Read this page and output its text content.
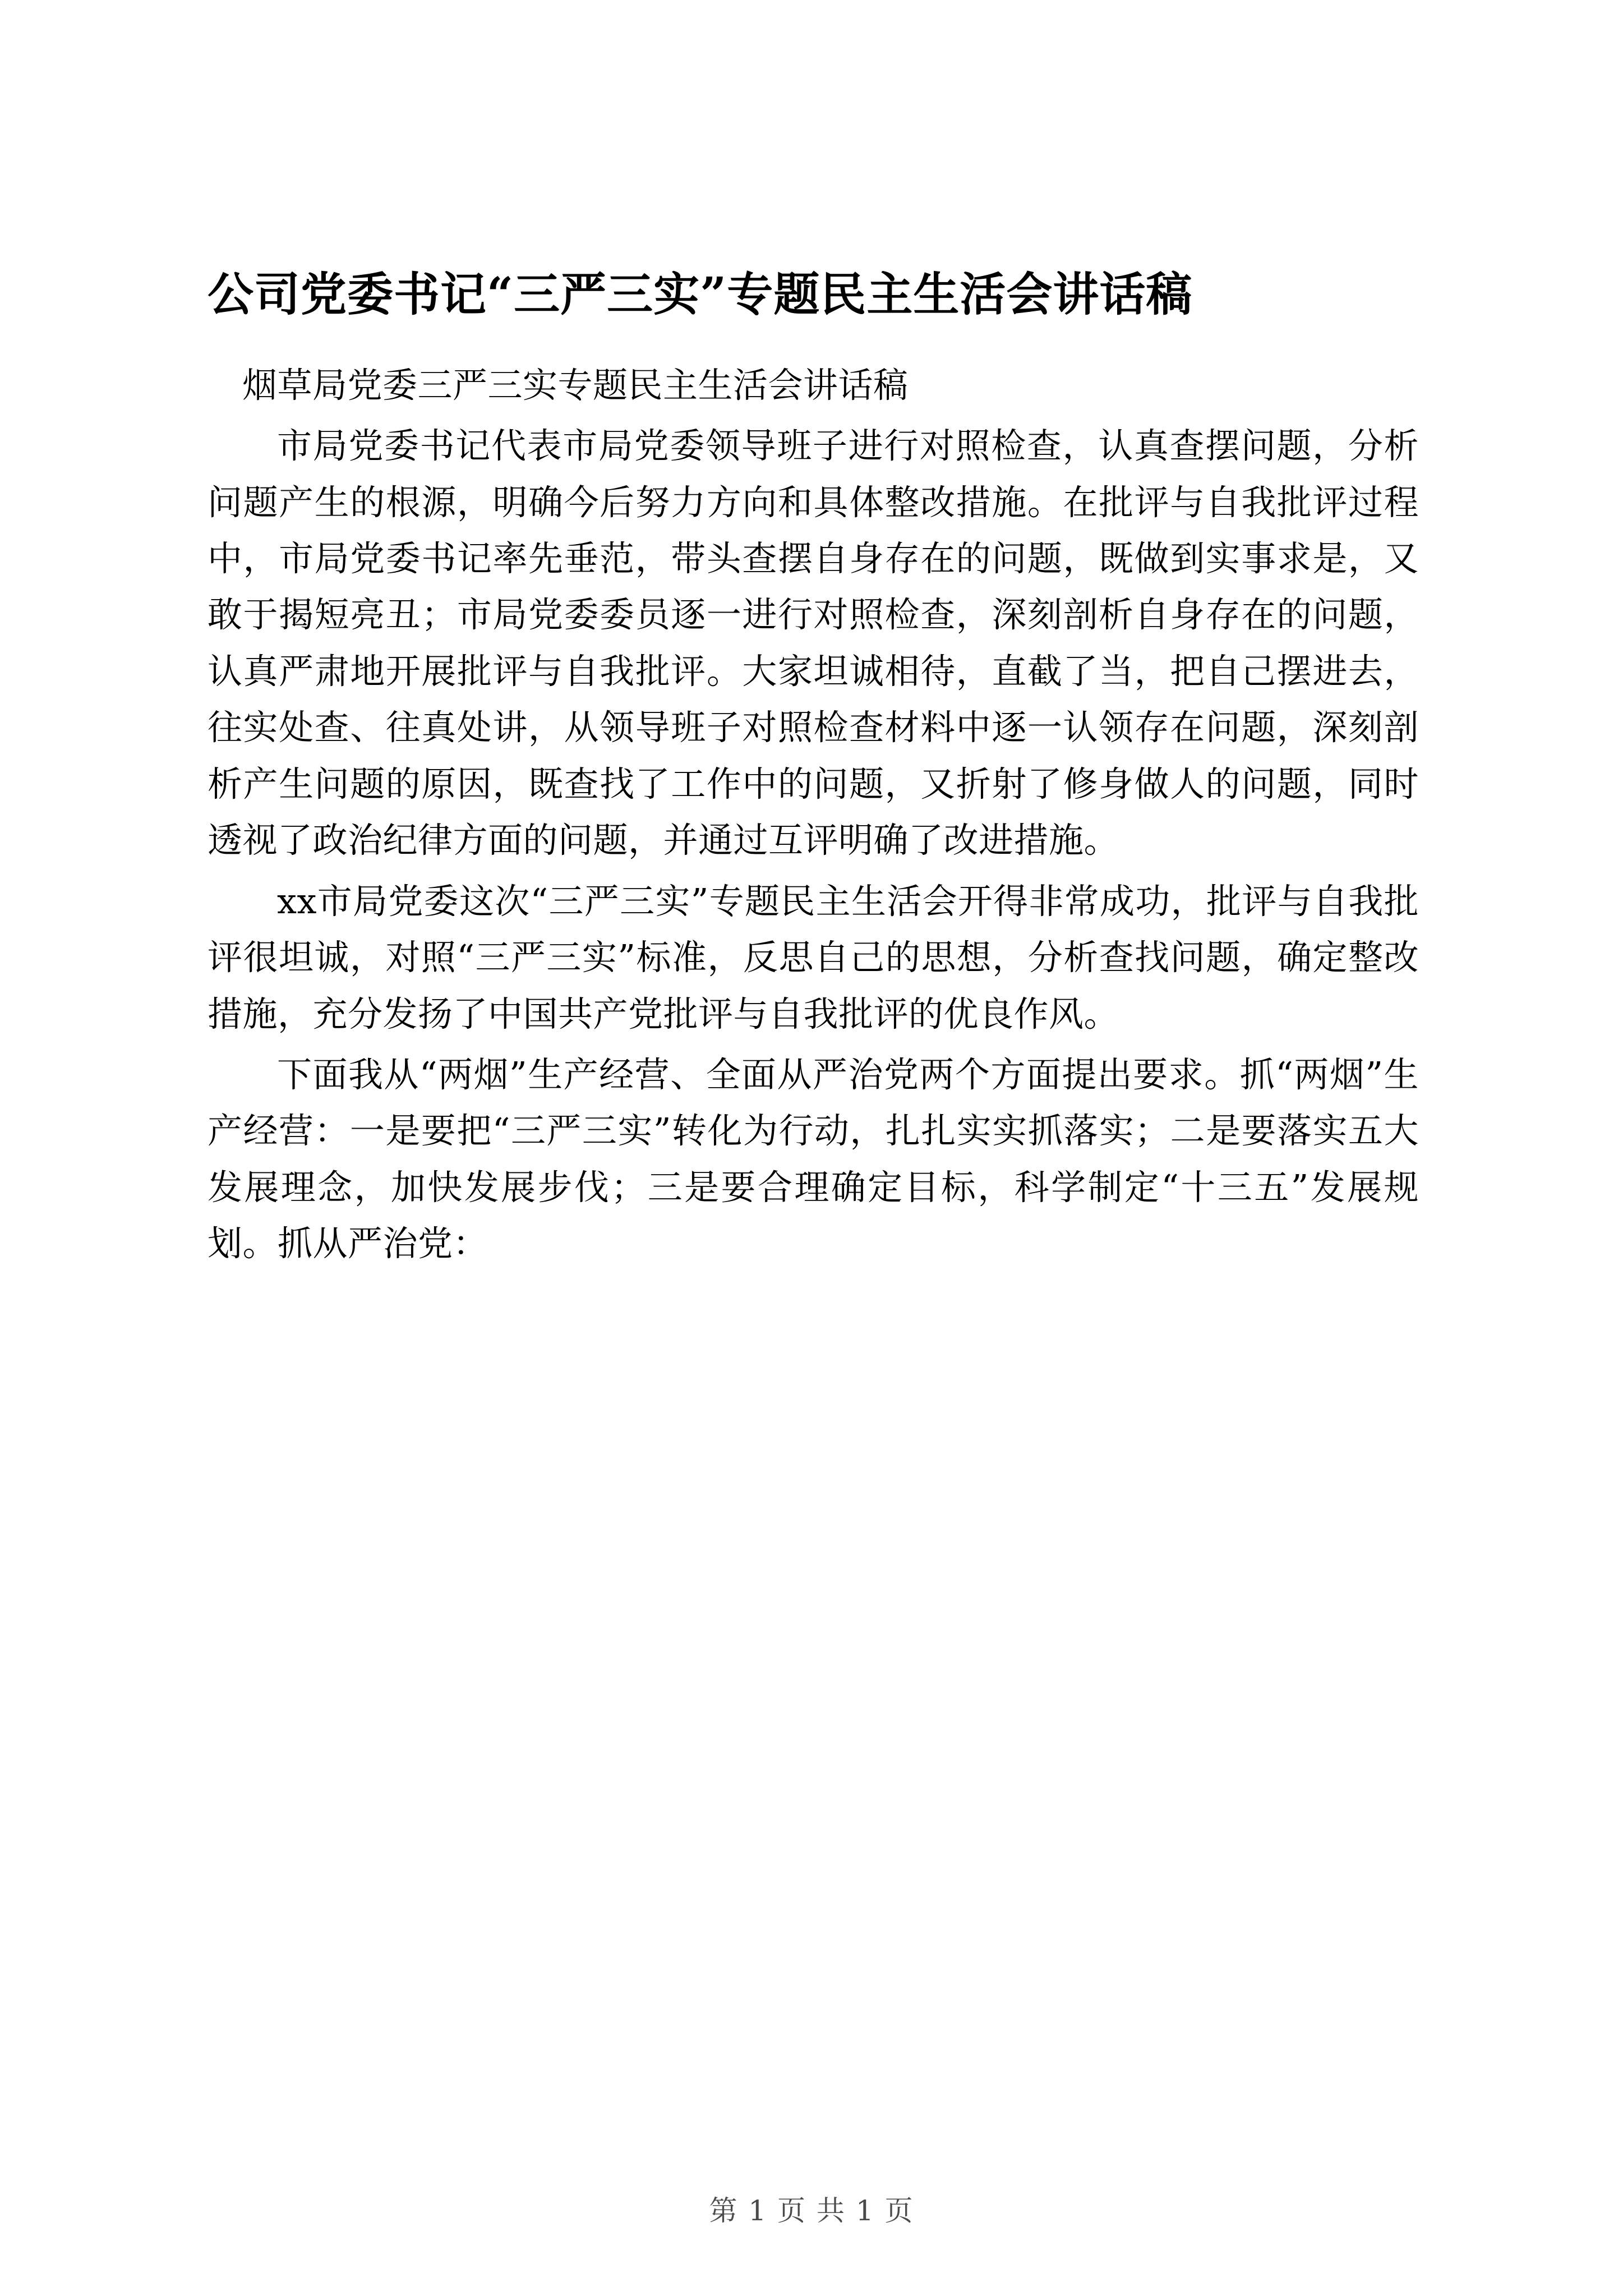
公司党委书记“三严三实”专题民主生活会讲话稿

烟草局党委三严三实专题民主生活会讲话稿

市局党委书记代表市局党委领导班子进行对照检查，认真查摆问题，分析问题产生的根源，明确今后努力方向和具体整改措施。在批评与自我批评过程中，市局党委书记率先垂范，带头查摆自身存在的问题，既做到实事求是，又敢于揭短亮丑；市局党委委员逐一进行对照检查，深刻剖析自身存在的问题，认真严肃地开展批评与自我批评。大家坦诚相待，直截了当，把自己摆进去，往实处查、往真处讲，从领导班子对照检查材料中逐一认领存在问题，深刻剖析产生问题的原因，既查找了工作中的问题，又折射了修身做人的问题，同时透视了政治纪律方面的问题，并通过互评明确了改进措施。

xx市局党委这次“三严三实”专题民主生活会开得非常成功，批评与自我批评很坦诚，对照“三严三实”标准，反思自己的思想，分析查找问题，确定整改措施，充分发扬了中国共产党批评与自我批评的优良作风。

下面我从“两烟”生产经营、全面从严治党两个方面提出要求。抓“两烟”生产经营：一是要把“三严三实”转化为行动，扎扎实实抓落实；二是要落实五大发展理念，加快发展步伐；三是要合理确定目标，科学制定“十三五”发展规划。抓从严治党：

第 1 页 共 1 页
